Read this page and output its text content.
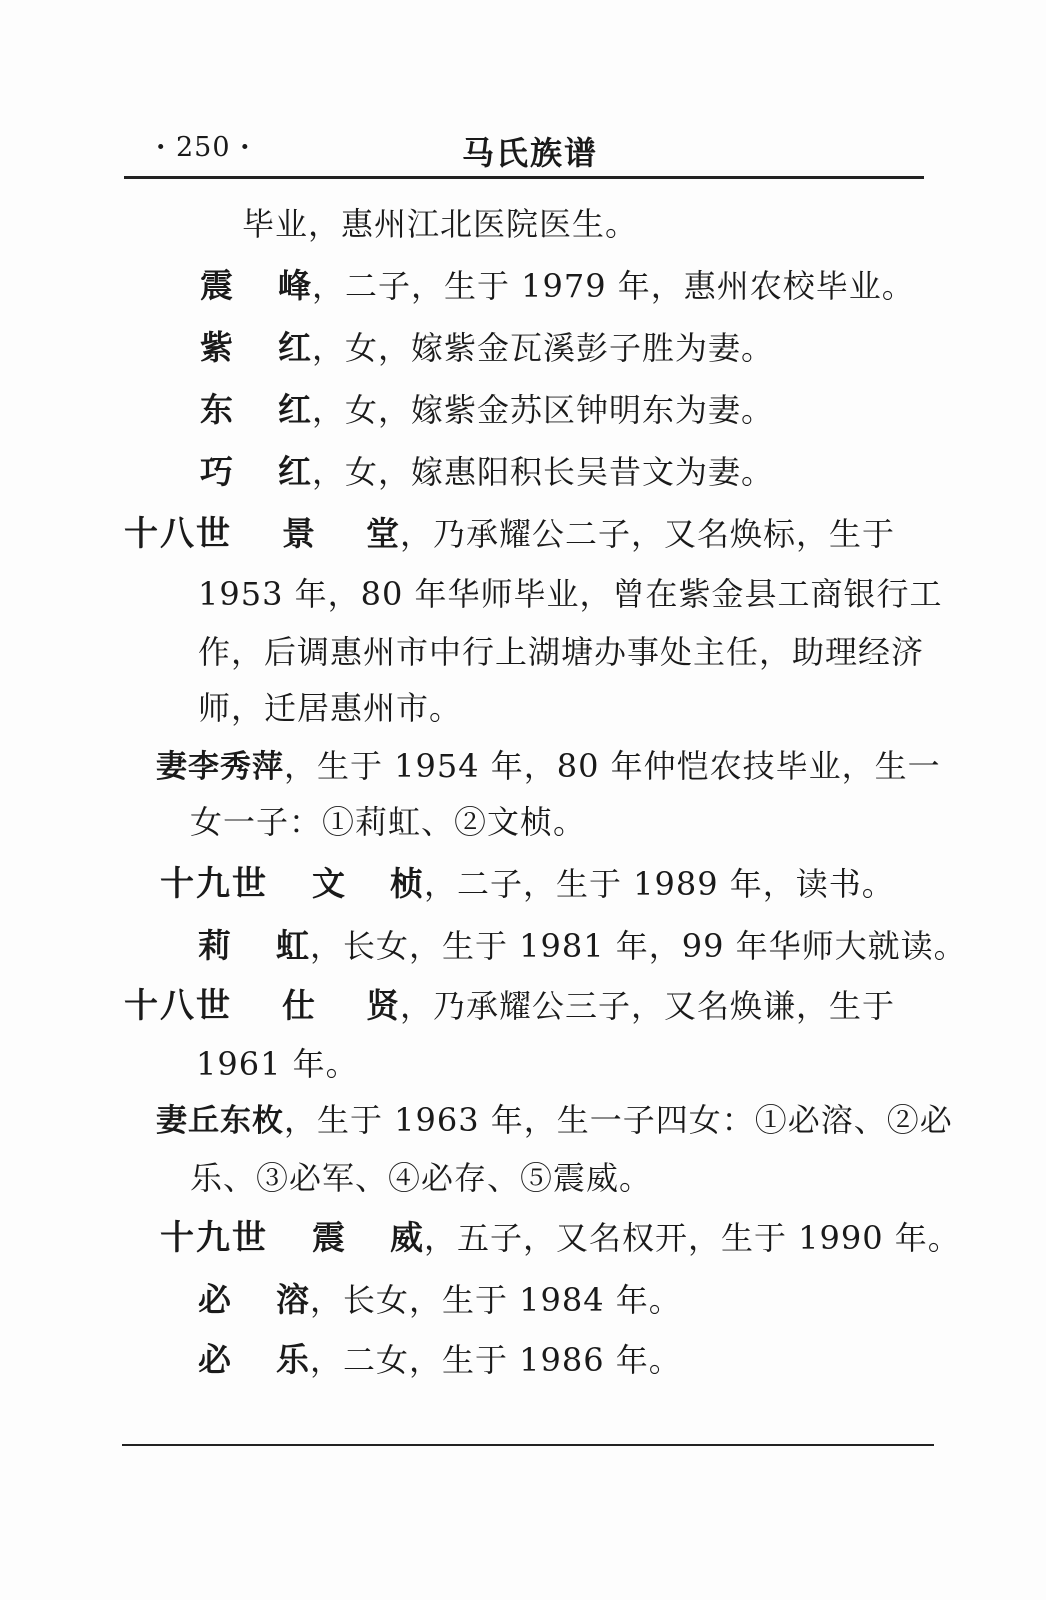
· 250 ·	马氏族谱
毕业，惠州江北医院医生。
震 峰，二子，生于 1979 年，惠州农校毕业。
紫 红，女，嫁紫金瓦溪彭子胜为妻。
东 红，女，嫁紫金苏区钟明东为妻。
巧 红，女，嫁惠阳积长吴昔文为妻。
十八世 景 堂，乃承耀公二子，又名焕标，生于
1953 年，80 年华师毕业，曾在紫金县工商银行工
作，后调惠州市中行上湖塘办事处主任，助理经济
师，迁居惠州市。
妻李秀萍，生于 1954 年，80 年仲恺农技毕业，生一
女一子：①莉虹、②文桢。
十九世 文 桢，二子，生于 1989 年，读书。
莉 虹，长女，生于 1981 年，99 年华师大就读。
十八世 仕 贤，乃承耀公三子，又名焕谦，生于
1961 年。
妻丘东枚，生于 1963 年，生一子四女：①必溶、②必
乐、③必军、④必存、⑤震威。
十九世 震 威，五子，又名权开，生于 1990 年。
必 溶，长女，生于 1984 年。
必 乐，二女，生于 1986 年。
